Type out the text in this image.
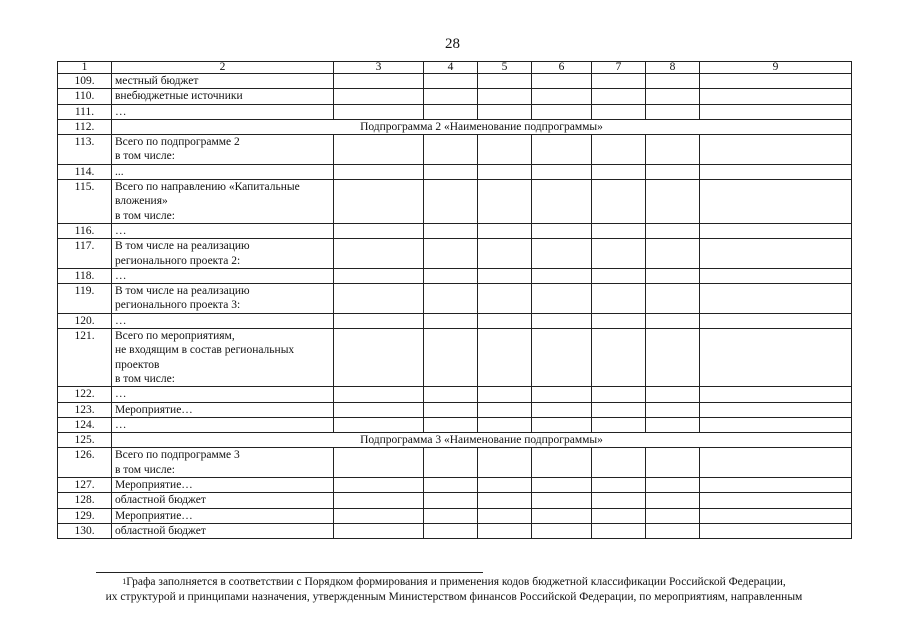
28
1	2	3	4	5	6	7	8	9
109.	местный бюджет							
110.	внебюджетные источники							
111.	…							
112.	Подпрограмма 2 «Наименование подпрограммы»							
113.	Всего по подпрограмме 2
в том числе:							
114.	...							
115.	Всего по направлению «Капитальные
вложения»
в том числе:							
116.	…							
117.	В том числе на реализацию
регионального проекта 2:							
118.	…							
119.	В том числе на реализацию
регионального проекта 3:							
120.	…							
121.	Всего по мероприятиям,
не входящим в состав региональных
проектов
в том числе:							
122.	…							
123.	Мероприятие…							
124.	…							
125.	Подпрограмма 3 «Наименование подпрограммы»							
126.	Всего по подпрограмме 3
в том числе:							
127.	Мероприятие…							
128.	областной бюджет							
129.	Мероприятие…							
130.	областной бюджет							
$^1$Графа заполняется в соответствии с Порядком формирования и применения кодов бюджетной классификации Российской Федерации,
их структурой и принципами назначения, утвержденным Министерством финансов Российской Федерации, по мероприятиям, направленным
